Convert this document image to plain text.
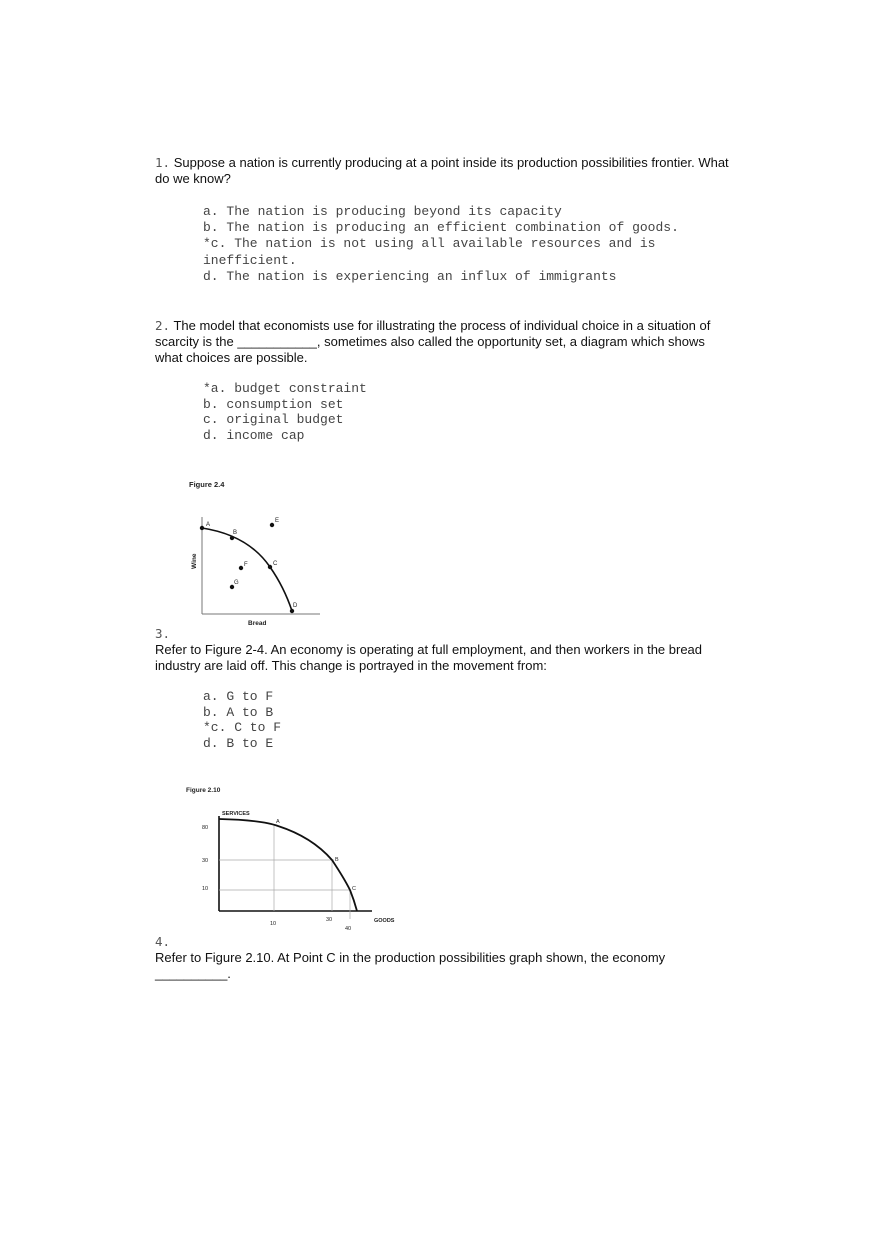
1. Suppose a nation is currently producing at a point inside its production possibilities frontier. What do we know?
a. The nation is producing beyond its capacity
b. The nation is producing an efficient combination of goods.
*c. The nation is not using all available resources and is inefficient.
d. The nation is experiencing an influx of immigrants
2. The model that economists use for illustrating the process of individual choice in a situation of scarcity is the ___________, sometimes also called the opportunity set, a diagram which shows what choices are possible.
*a. budget constraint
b. consumption set
c. original budget
d. income cap
Figure 2.4
Wine
Bread
A
B
C
D
E
F
G
3.
Refer to Figure 2-4. An economy is operating at full employment, and then workers in the bread industry are laid off. This change is portrayed in the movement from:
a. G to F
b. A to B
*c. C to F
d. B to E
Figure 2.10
SERVICES
GOODS
80
30
10
10
30
40
A
B
C
4.
Refer to Figure 2.10. At Point C in the production possibilities graph shown, the economy __________.
